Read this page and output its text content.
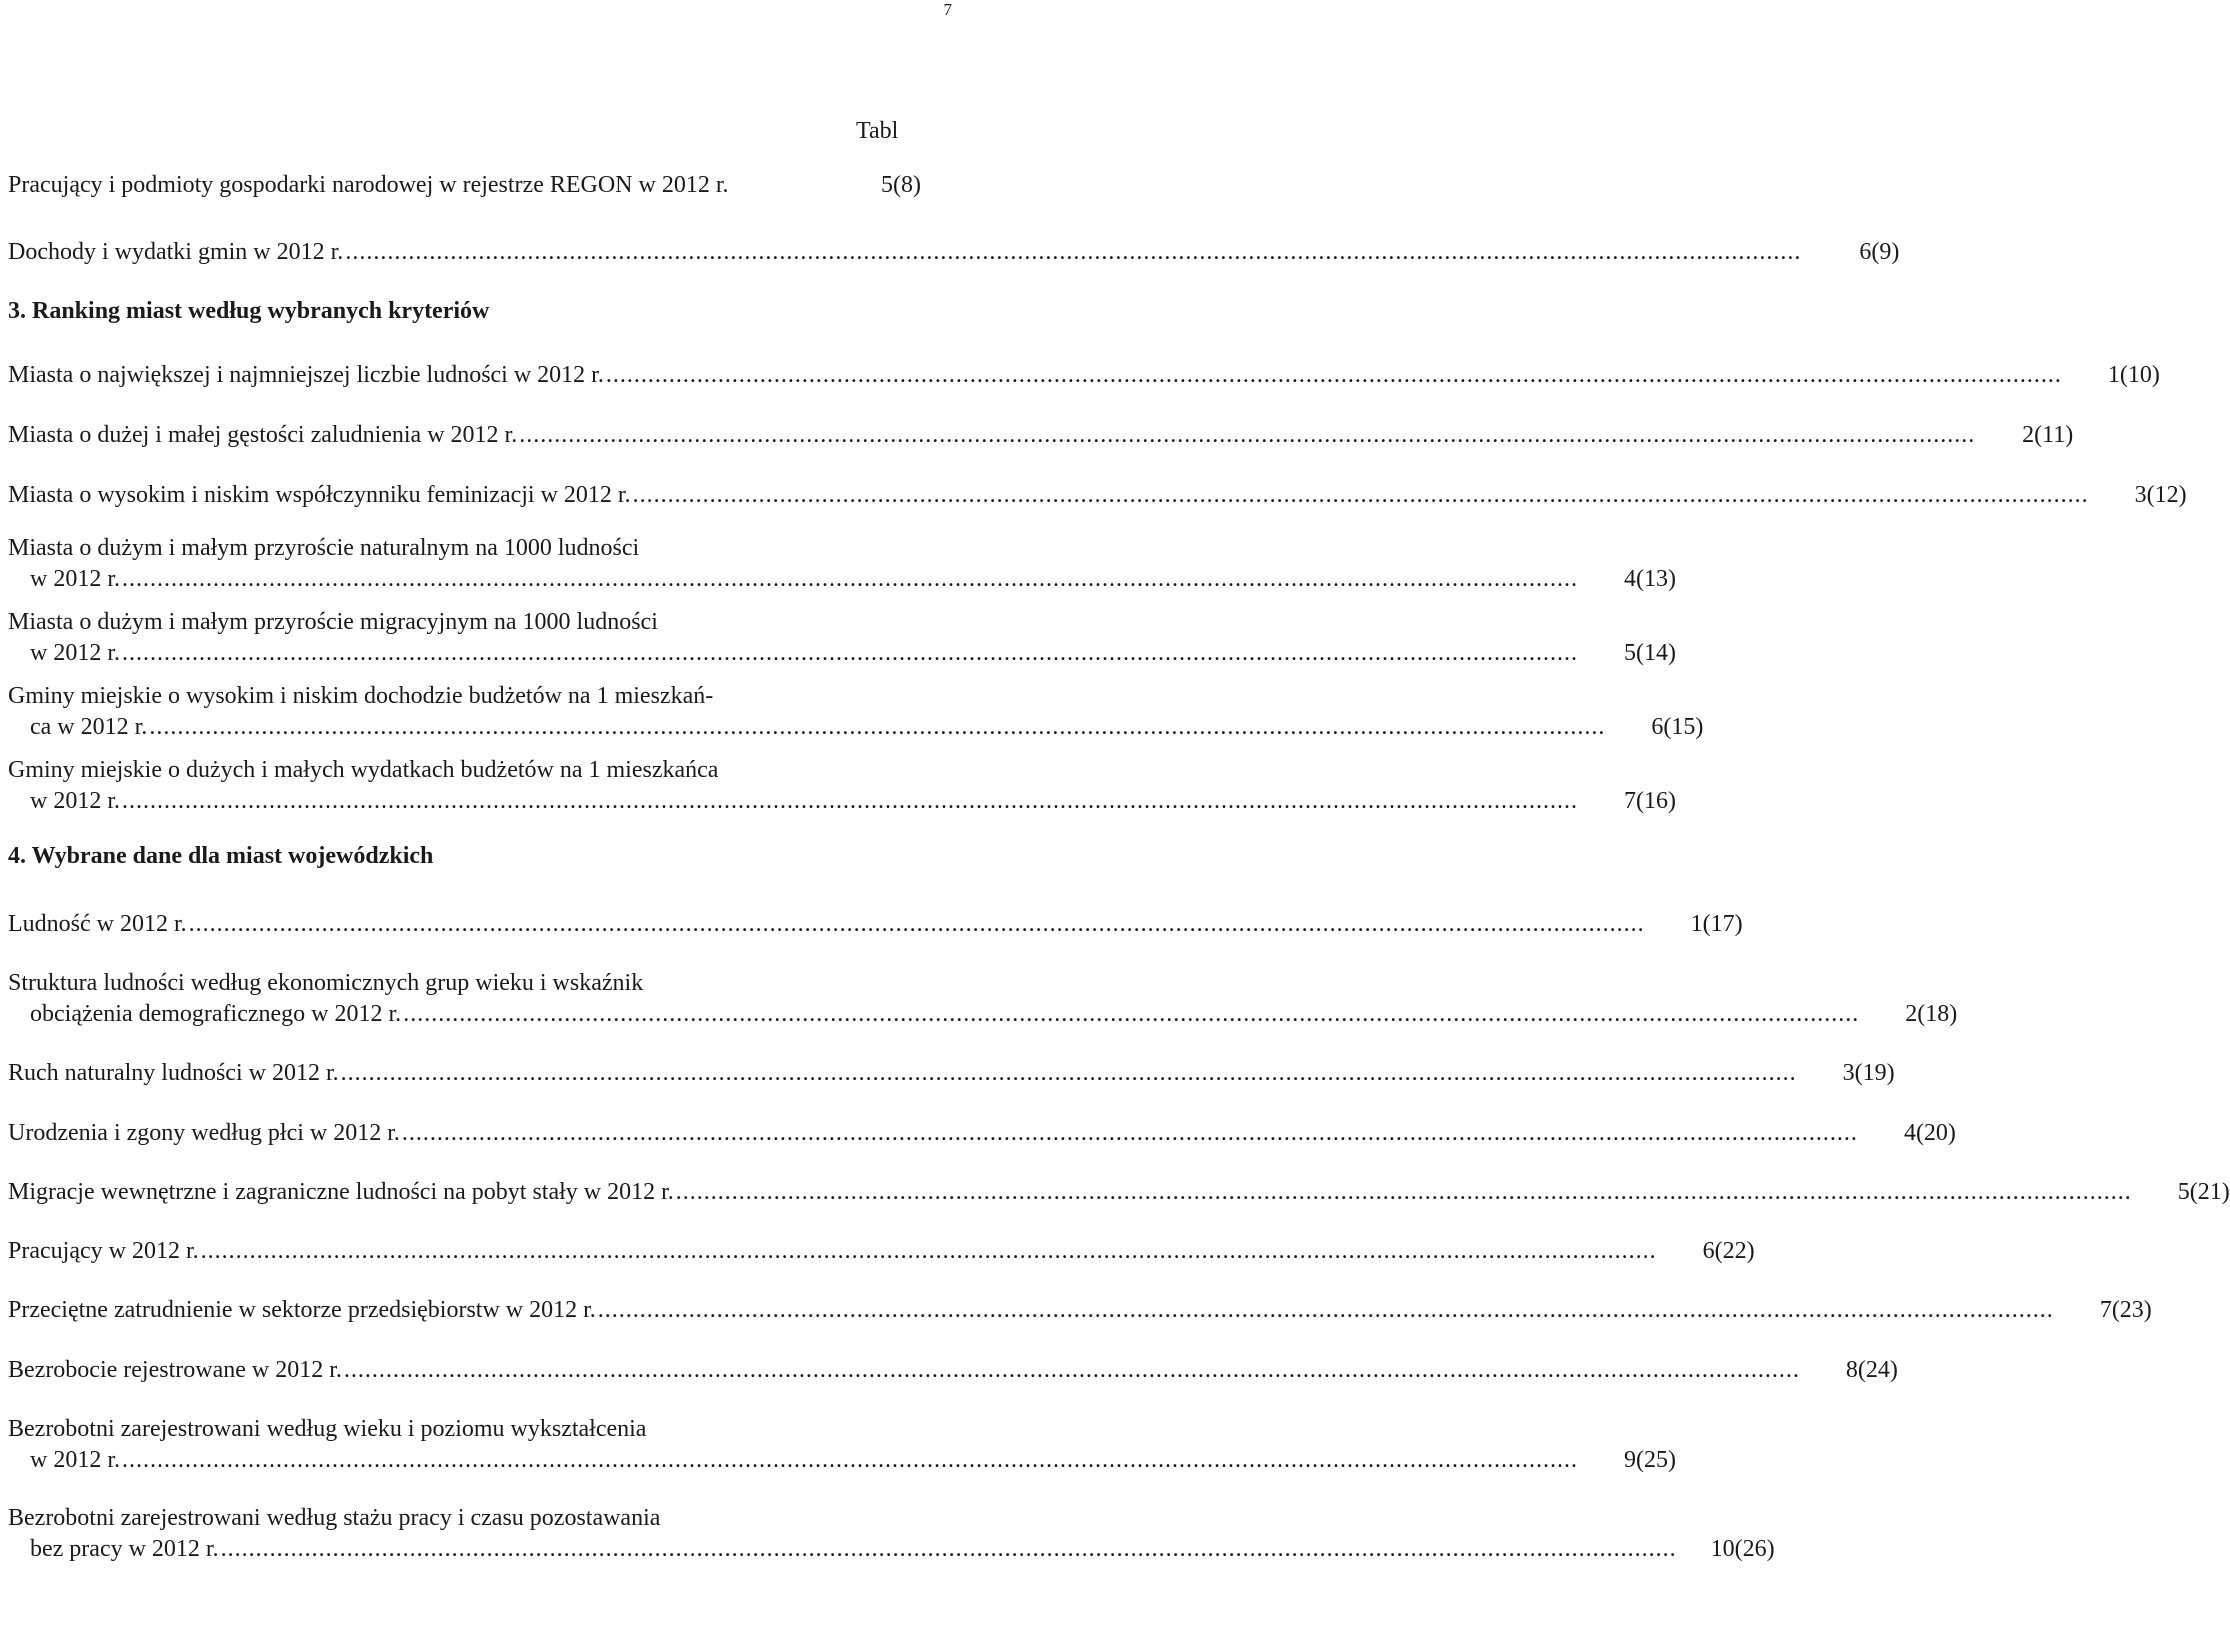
7
Tabl
Pracujący i podmioty gospodarki narodowej w rejestrze REGON w 2012 r.	5(8)
Dochody i wydatki gmin w 2012 r. ................................................................................................................................................................................................................	6(9)
3. Ranking miast według wybranych kryteriów
Miasta o największej i najmniejszej liczbie ludności w 2012 r. ................................................................................................................................................................................................................	1(10)
Miasta o dużej i małej gęstości zaludnienia w 2012 r. ................................................................................................................................................................................................................	2(11)
Miasta o wysokim i niskim współczynniku feminizacji w 2012 r. ................................................................................................................................................................................................................	3(12)
Miasta o dużym i małym przyroście naturalnym na 1000 ludności
w 2012 r. ................................................................................................................................................................................................................	4(13)
Miasta o dużym i małym przyroście migracyjnym na 1000 ludności
w 2012 r. ................................................................................................................................................................................................................	5(14)
Gminy miejskie o wysokim i niskim dochodzie budżetów na 1 mieszkań-
ca w 2012 r. ................................................................................................................................................................................................................	6(15)
Gminy miejskie o dużych i małych wydatkach budżetów na 1 mieszkańca
w 2012 r. ................................................................................................................................................................................................................	7(16)
4. Wybrane dane dla miast wojewódzkich
Ludność w 2012 r. ................................................................................................................................................................................................................	1(17)
Struktura ludności według ekonomicznych grup wieku i wskaźnik
obciążenia demograficznego w 2012 r. ................................................................................................................................................................................................................	2(18)
Ruch naturalny ludności w 2012 r. ................................................................................................................................................................................................................	3(19)
Urodzenia i zgony według płci w 2012 r. ................................................................................................................................................................................................................	4(20)
Migracje wewnętrzne i zagraniczne ludności na pobyt stały w 2012 r. ................................................................................................................................................................................................................	5(21)
Pracujący w 2012 r. ................................................................................................................................................................................................................	6(22)
Przeciętne zatrudnienie w sektorze przedsiębiorstw w 2012 r. ................................................................................................................................................................................................................	7(23)
Bezrobocie rejestrowane w 2012 r. ................................................................................................................................................................................................................	8(24)
Bezrobotni zarejestrowani według wieku i poziomu wykształcenia
w 2012 r. ................................................................................................................................................................................................................	9(25)
Bezrobotni zarejestrowani według stażu pracy i czasu pozostawania
bez pracy w 2012 r. ................................................................................................................................................................................................................	10(26)
